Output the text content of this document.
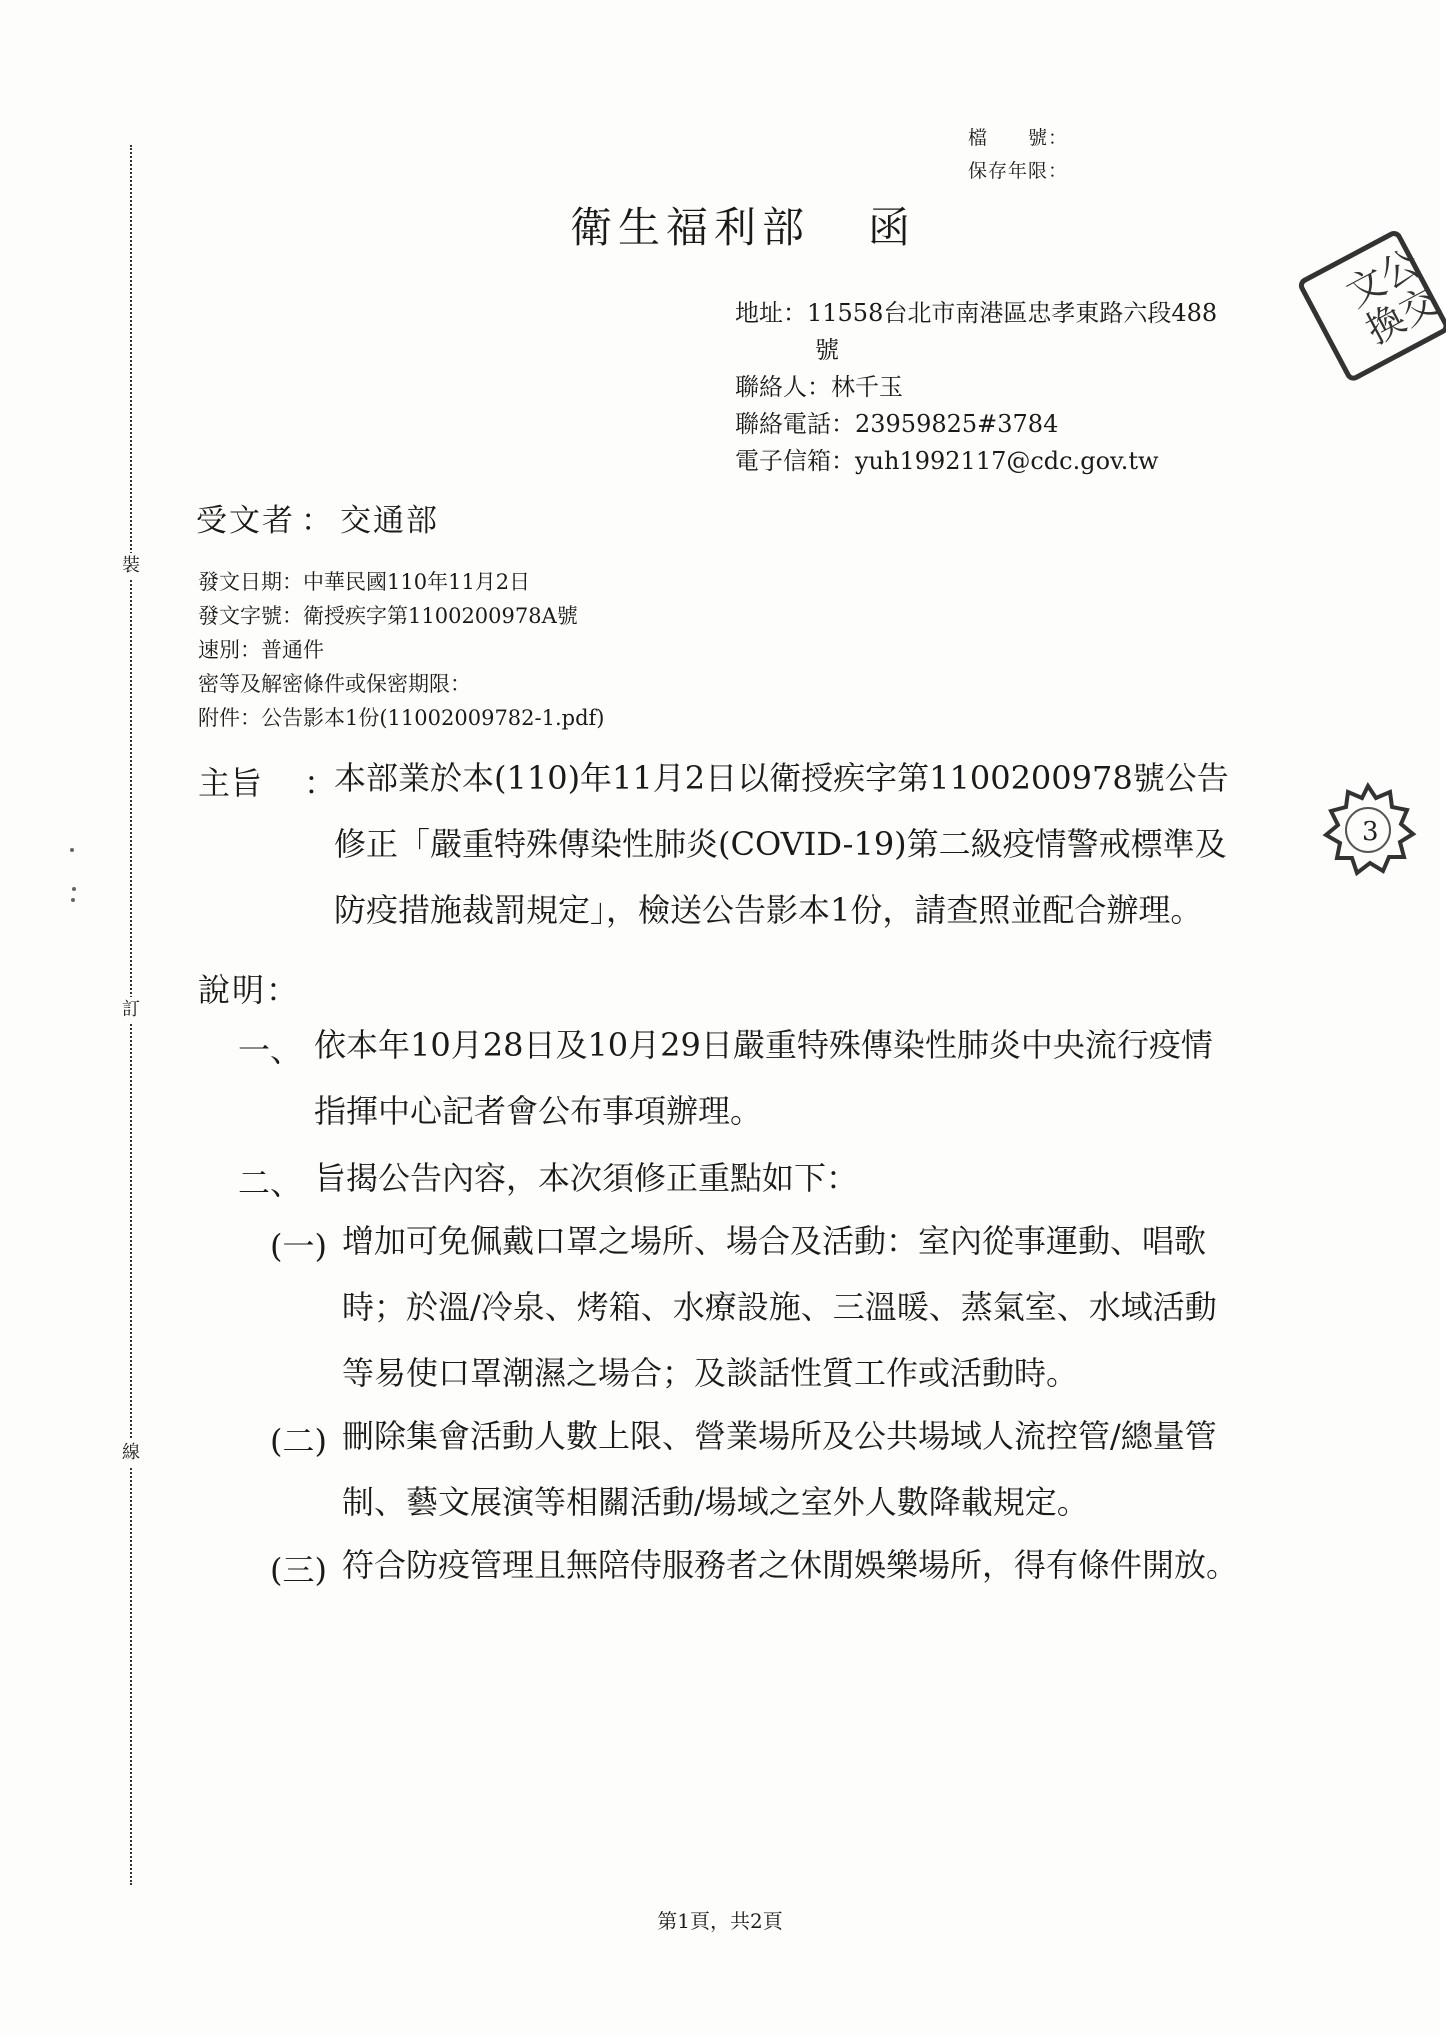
裝
訂
線
檔　　號：
保存年限：
衛生福利部 函
文
公
換
交
地址：11558台北市南港區忠孝東路六段488
號
聯絡人：林千玉
聯絡電話：23959825#3784
電子信箱：yuh1992117@cdc.gov.tw
受文者 ： 交通部
發文日期：中華民國110年11月2日
發文字號：衛授疾字第1100200978A號
速別：普通件
密等及解密條件或保密期限：
附件：公告影本1份(11002009782-1.pdf)
3
主旨	：
本部業於本(110)年11月2日以衛授疾字第1100200978號公告修正「嚴重特殊傳染性肺炎(COVID-19)第二級疫情警戒標準及防疫措施裁罰規定」，檢送公告影本1份，請查照並配合辦理。
說明：
一、 依本年10月28日及10月29日嚴重特殊傳染性肺炎中央流行疫情指揮中心記者會公布事項辦理。
二、 旨揭公告內容，本次須修正重點如下：
(一) 增加可免佩戴口罩之場所、場合及活動：室內從事運動、唱歌時；於溫/冷泉、烤箱、水療設施、三溫暖、蒸氣室、水域活動等易使口罩潮濕之場合；及談話性質工作或活動時。
(二) 刪除集會活動人數上限、營業場所及公共場域人流控管/總量管制、藝文展演等相關活動/場域之室外人數降載規定。
(三) 符合防疫管理且無陪侍服務者之休閒娛樂場所，得有條件開放。
第1頁，共2頁
